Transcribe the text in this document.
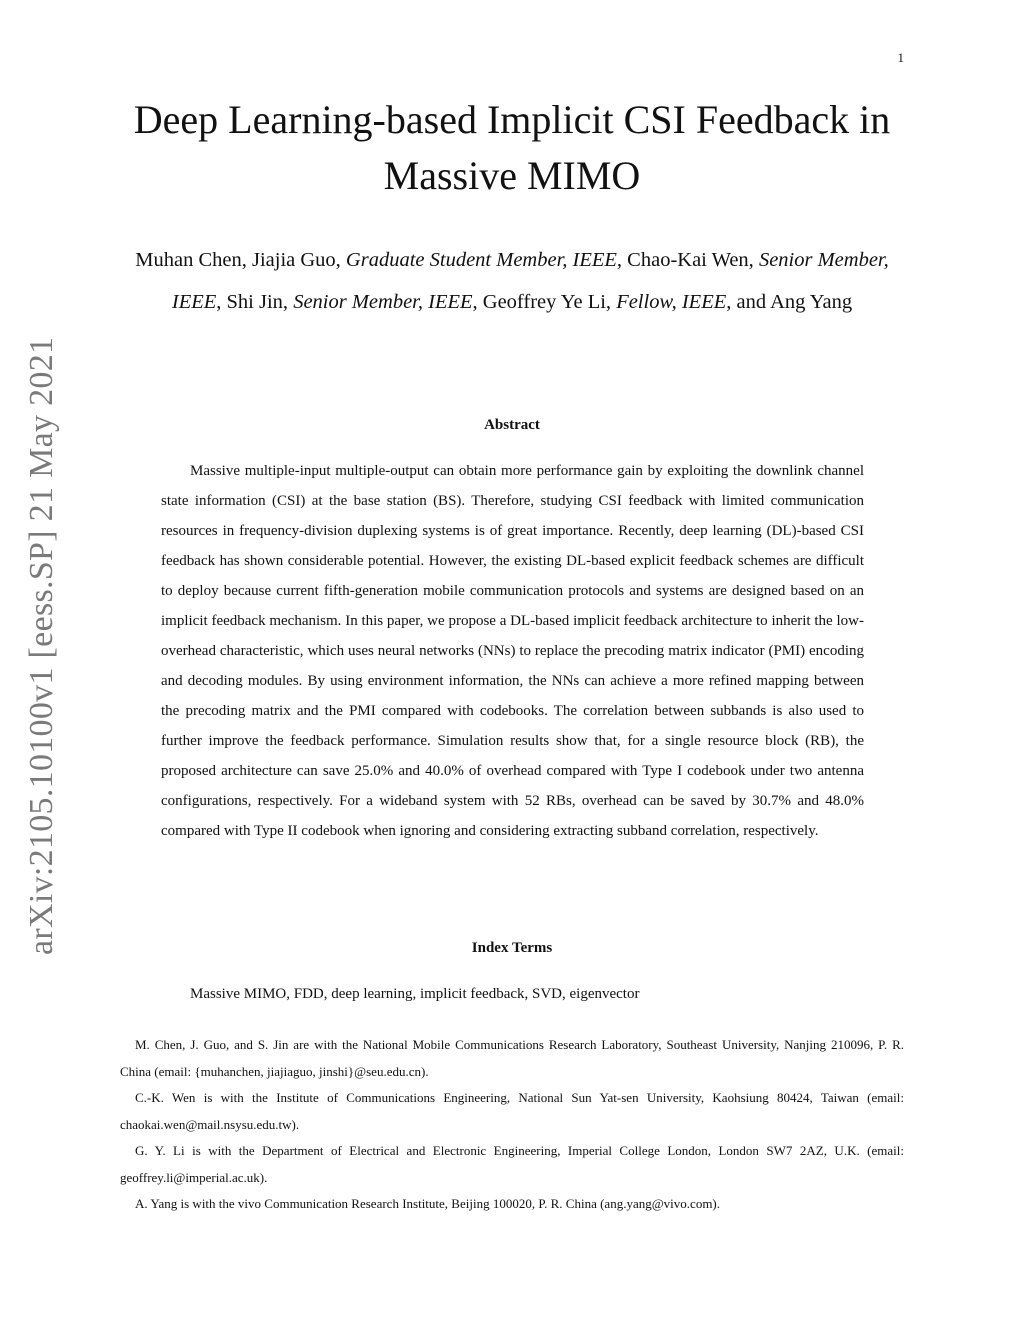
1
arXiv:2105.10100v1 [eess.SP] 21 May 2021
Deep Learning-based Implicit CSI Feedback in Massive MIMO
Muhan Chen, Jiajia Guo, Graduate Student Member, IEEE, Chao-Kai Wen, Senior Member, IEEE, Shi Jin, Senior Member, IEEE, Geoffrey Ye Li, Fellow, IEEE, and Ang Yang
Abstract

Massive multiple-input multiple-output can obtain more performance gain by exploiting the downlink channel state information (CSI) at the base station (BS). Therefore, studying CSI feedback with limited communication resources in frequency-division duplexing systems is of great importance. Recently, deep learning (DL)-based CSI feedback has shown considerable potential. However, the existing DL-based explicit feedback schemes are difficult to deploy because current fifth-generation mobile communication protocols and systems are designed based on an implicit feedback mechanism. In this paper, we propose a DL-based implicit feedback architecture to inherit the low-overhead characteristic, which uses neural networks (NNs) to replace the precoding matrix indicator (PMI) encoding and decoding modules. By using environment information, the NNs can achieve a more refined mapping between the precoding matrix and the PMI compared with codebooks. The correlation between subbands is also used to further improve the feedback performance. Simulation results show that, for a single resource block (RB), the proposed architecture can save 25.0% and 40.0% of overhead compared with Type I codebook under two antenna configurations, respectively. For a wideband system with 52 RBs, overhead can be saved by 30.7% and 48.0% compared with Type II codebook when ignoring and considering extracting subband correlation, respectively.

Index Terms
Massive MIMO, FDD, deep learning, implicit feedback, SVD, eigenvector

M. Chen, J. Guo, and S. Jin are with the National Mobile Communications Research Laboratory, Southeast University, Nanjing 210096, P. R. China (email: {muhanchen, jiajiaguo, jinshi}@seu.edu.cn).

C.-K. Wen is with the Institute of Communications Engineering, National Sun Yat-sen University, Kaohsiung 80424, Taiwan (email: chaokai.wen@mail.nsysu.edu.tw).

G. Y. Li is with the Department of Electrical and Electronic Engineering, Imperial College London, London SW7 2AZ, U.K. (email: geoffrey.li@imperial.ac.uk).

A. Yang is with the vivo Communication Research Institute, Beijing 100020, P. R. China (ang.yang@vivo.com).
